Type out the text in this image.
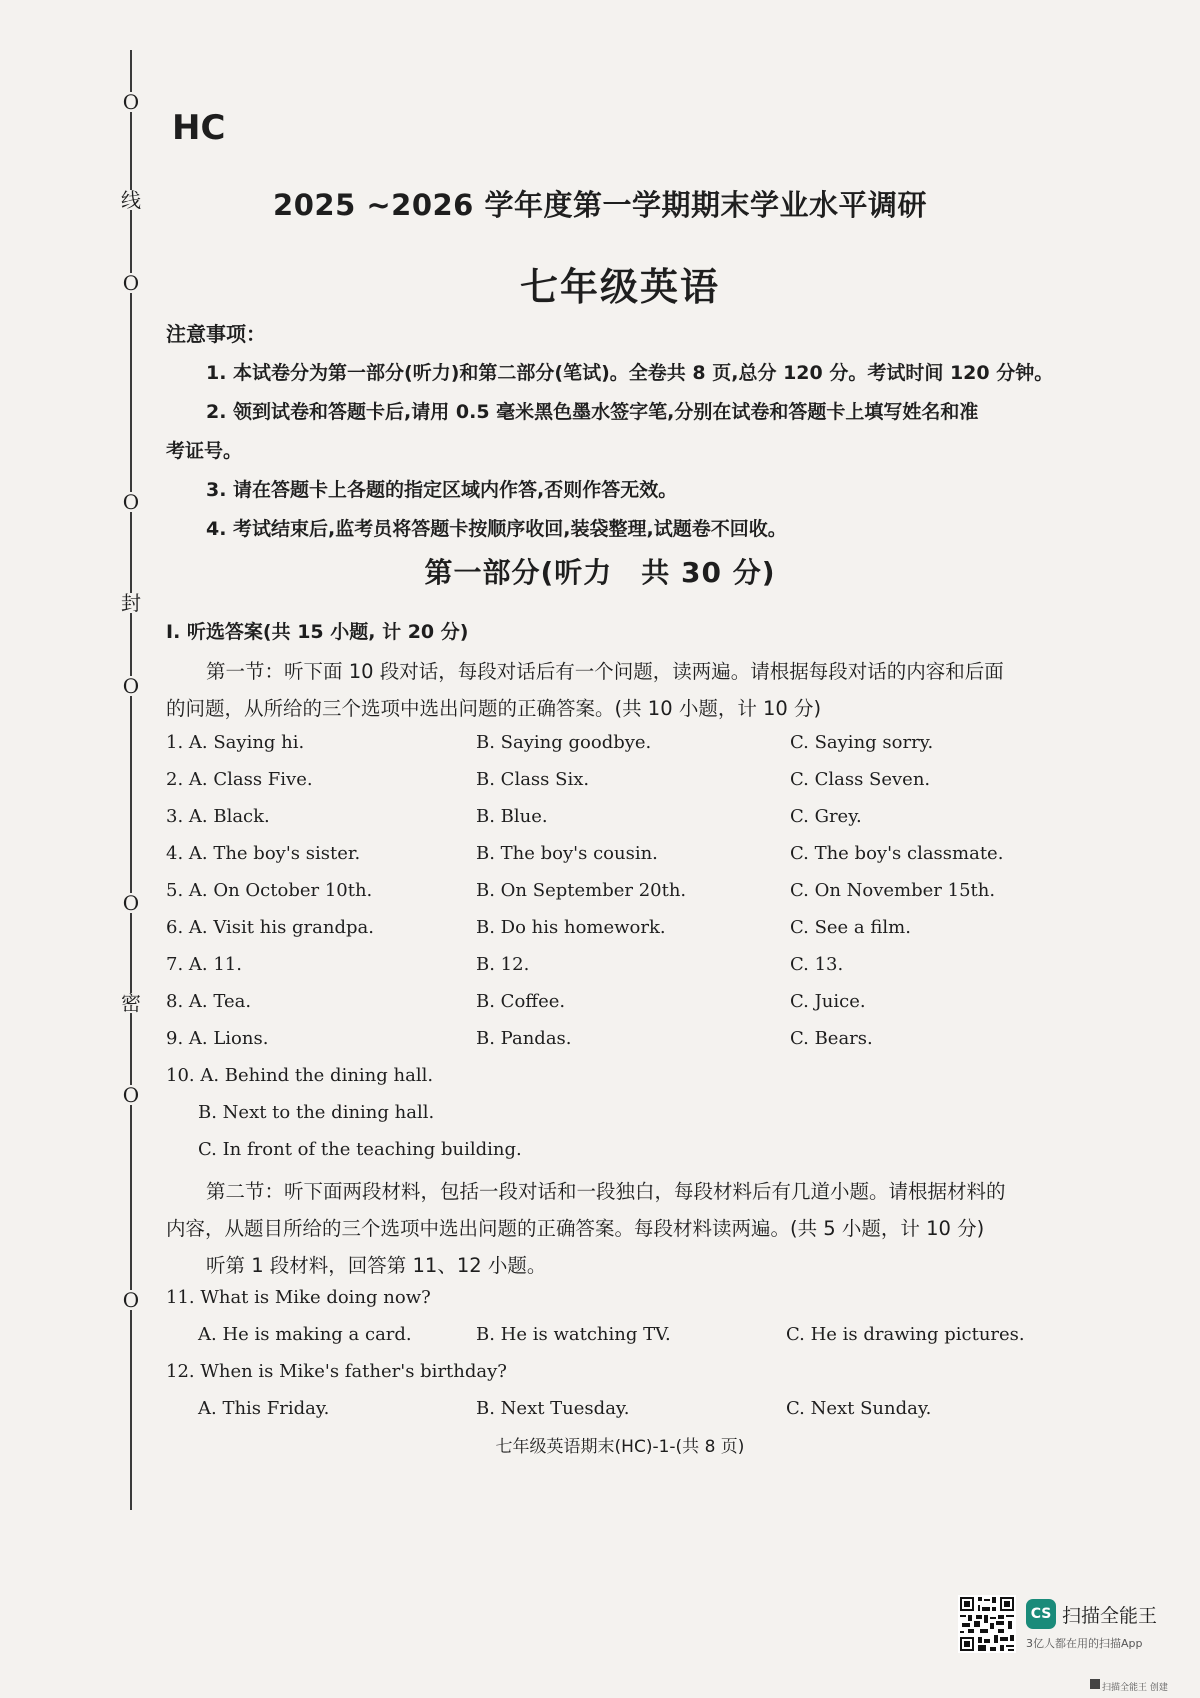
O
线
O
O
封
O
O
密
O
O
HC
2025 ~2026 学年度第一学期期末学业水平调研
七年级英语
注意事项：
1. 本试卷分为第一部分(听力)和第二部分(笔试)。全卷共 8 页,总分 120 分。考试时间 120 分钟。
2. 领到试卷和答题卡后,请用 0.5 毫米黑色墨水签字笔,分别在试卷和答题卡上填写姓名和准
考证号。
3. 请在答题卡上各题的指定区域内作答,否则作答无效。
4. 考试结束后,监考员将答题卡按顺序收回,装袋整理,试题卷不回收。
第一部分(听力　共 30 分)
Ⅰ. 听选答案(共 15 小题, 计 20 分)
第一节：听下面 10 段对话，每段对话后有一个问题，读两遍。请根据每段对话的内容和后面
的问题，从所给的三个选项中选出问题的正确答案。(共 10 小题，计 10 分)
1. A. Saying hi.	B. Saying goodbye.	C. Saying sorry.
2. A. Class Five.	B. Class Six.	C. Class Seven.
3. A. Black.	B. Blue.	C. Grey.
4. A. The boy's sister.	B. The boy's cousin.	C. The boy's classmate.
5. A. On October 10th.	B. On September 20th.	C. On November 15th.
6. A. Visit his grandpa.	B. Do his homework.	C. See a film.
7. A. 11.	B. 12.	C. 13.
8. A. Tea.	B. Coffee.	C. Juice.
9. A. Lions.	B. Pandas.	C. Bears.
10. A. Behind the dining hall.
B. Next to the dining hall.
C. In front of the teaching building.
第二节：听下面两段材料，包括一段对话和一段独白，每段材料后有几道小题。请根据材料的
内容，从题目所给的三个选项中选出问题的正确答案。每段材料读两遍。(共 5 小题，计 10 分)
听第 1 段材料，回答第 11、12 小题。
11. What is Mike doing now?
A. He is making a card.	B. He is watching TV.	C. He is drawing pictures.
12. When is Mike's father's birthday?
A. This Friday.	B. Next Tuesday.	C. Next Sunday.
七年级英语期末(HC)-1-(共 8 页)
CS 扫描全能王
3亿人都在用的扫描App
扫描全能王 创建
